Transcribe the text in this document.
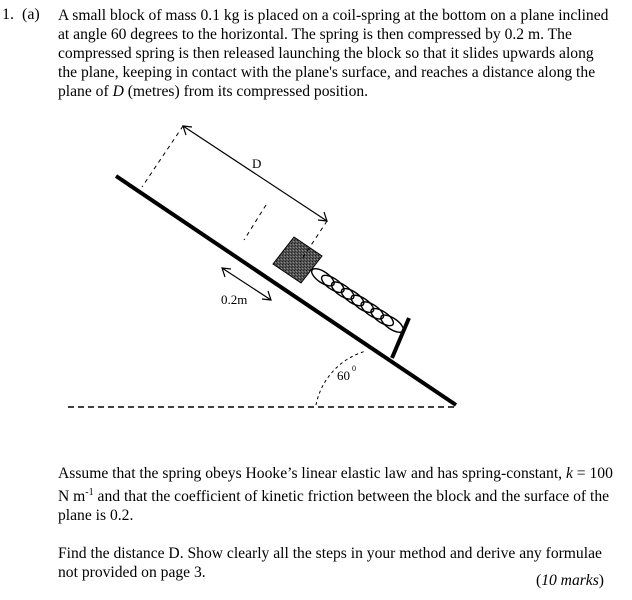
1. (a) A small block of mass 0.1 kg is placed on a coil-spring at the bottom on a plane inclined at angle 60 degrees to the horizontal. The spring is then compressed by 0.2 m. The compressed spring is then released launching the block so that it slides upwards along the plane, keeping in contact with the plane's surface, and reaches a distance along the plane of D (metres) from its compressed position.

D
0.2m
60 0

Assume that the spring obeys Hooke’s linear elastic law and has spring-constant, k = 100 N $m^{-1}$ and that the coefficient of kinetic friction between the block and the surface of the plane is 0.2.

Find the distance D. Show clearly all the steps in your method and derive any formulae not provided on page 3.	(10 marks)
